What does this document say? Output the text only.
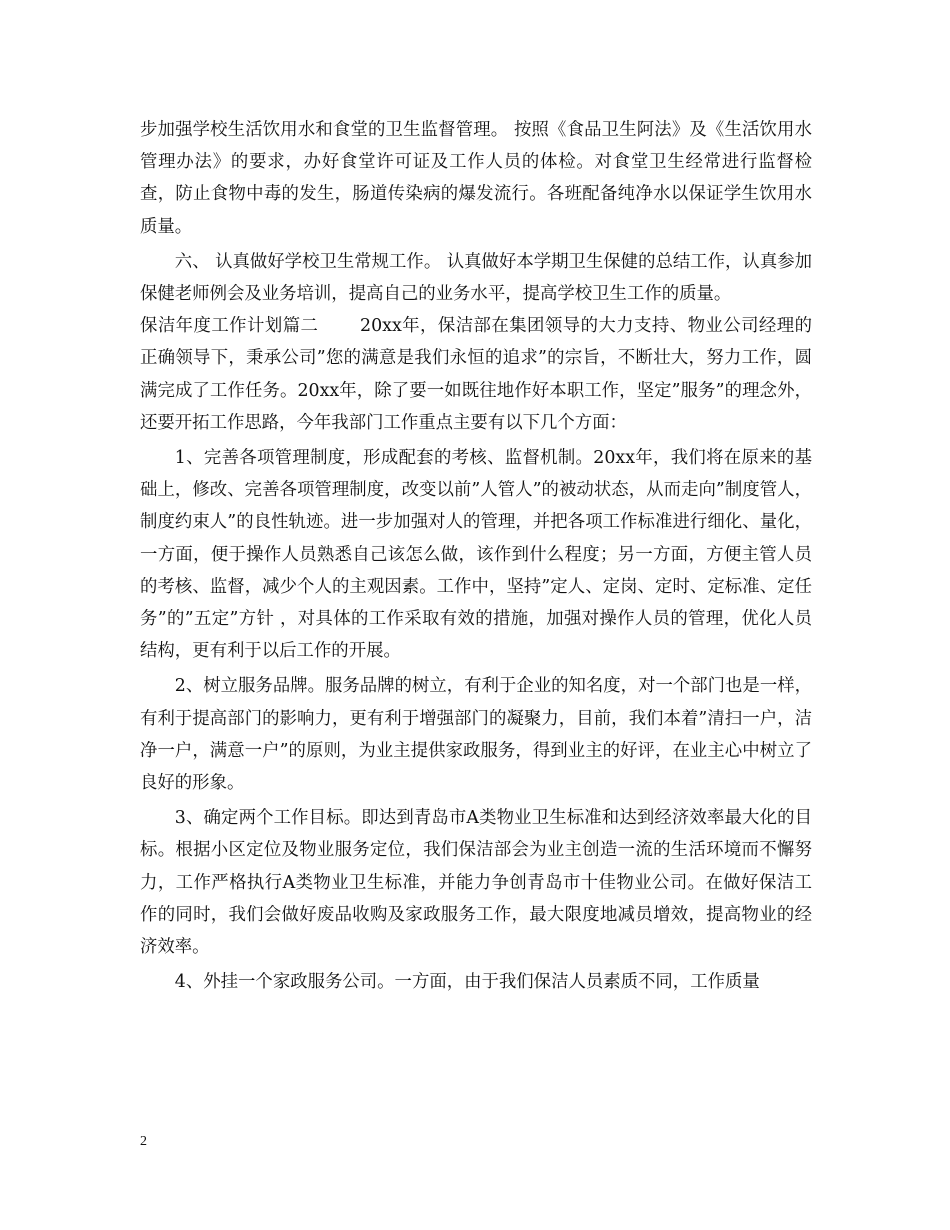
步加强学校生活饮用水和食堂的卫生监督管理。 按照《食品卫生阿法》及《生活饮用水管理办法》的要求，办好食堂许可证及工作人员的体检。对食堂卫生经常进行监督检查，防止食物中毒的发生，肠道传染病的爆发流行。各班配备纯净水以保证学生饮用水质量。

六、 认真做好学校卫生常规工作。 认真做好本学期卫生保健的总结工作，认真参加保健老师例会及业务培训，提高自己的业务水平，提高学校卫生工作的质量。

保洁年度工作计划篇二　　 20xx年，保洁部在集团领导的大力支持、物业公司经理的正确领导下，秉承公司”您的满意是我们永恒的追求”的宗旨，不断壮大，努力工作，圆满完成了工作任务。20xx年，除了要一如既往地作好本职工作，坚定”服务”的理念外，还要开拓工作思路，今年我部门工作重点主要有以下几个方面：

1、完善各项管理制度，形成配套的考核、监督机制。20xx年，我们将在原来的基础上，修改、完善各项管理制度，改变以前”人管人”的被动状态，从而走向”制度管人，制度约束人”的良性轨迹。进一步加强对人的管理，并把各项工作标准进行细化、量化，一方面，便于操作人员熟悉自己该怎么做，该作到什么程度；另一方面，方便主管人员的考核、监督，减少个人的主观因素。工作中，坚持”定人、定岗、定时、定标准、定任务”的”五定”方针 ，对具体的工作采取有效的措施，加强对操作人员的管理，优化人员结构，更有利于以后工作的开展。

2、树立服务品牌。服务品牌的树立，有利于企业的知名度，对一个部门也是一样，有利于提高部门的影响力，更有利于增强部门的凝聚力，目前，我们本着”清扫一户，洁净一户，满意一户”的原则，为业主提供家政服务，得到业主的好评，在业主心中树立了良好的形象。

3、确定两个工作目标。即达到青岛市A类物业卫生标准和达到经济效率最大化的目标。根据小区定位及物业服务定位，我们保洁部会为业主创造一流的生活环境而不懈努力，工作严格执行A类物业卫生标准，并能力争创青岛市十佳物业公司。在做好保洁工作的同时，我们会做好废品收购及家政服务工作，最大限度地减员增效，提高物业的经济效率。

4、外挂一个家政服务公司。一方面，由于我们保洁人员素质不同，工作质量

2
